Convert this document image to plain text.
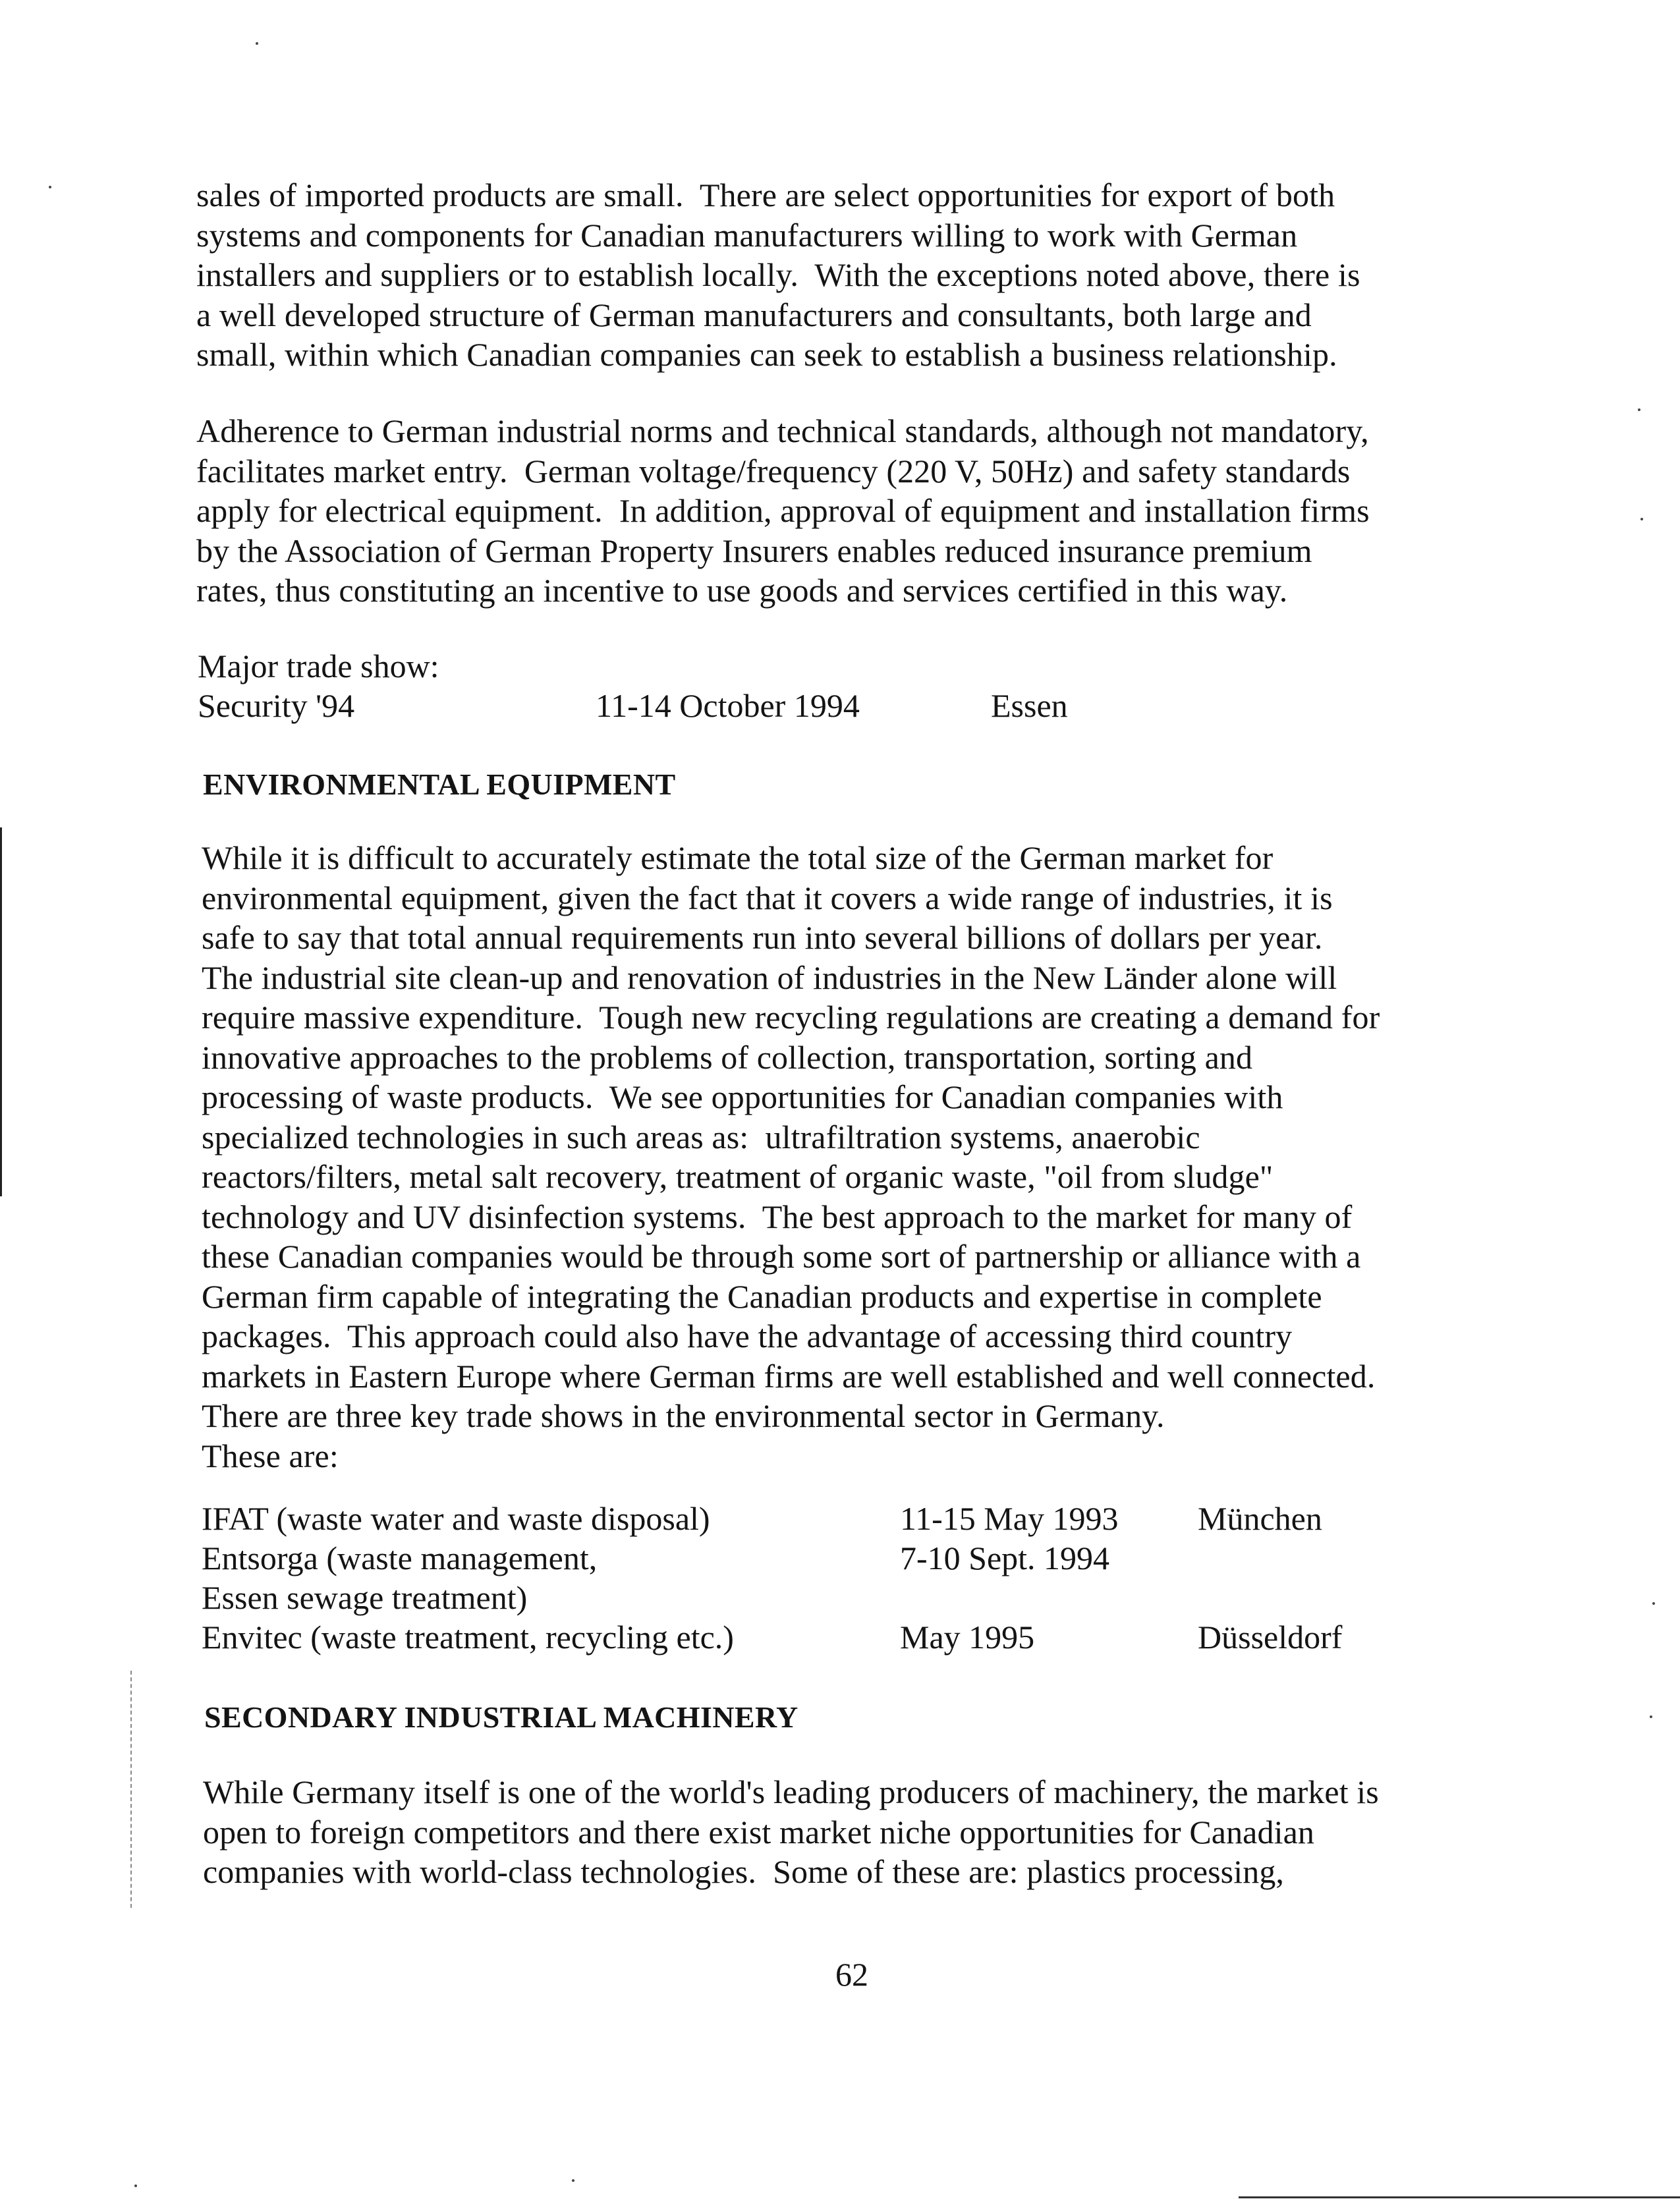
sales of imported products are small.  There are select opportunities for export of both
systems and components for Canadian manufacturers willing to work with German
installers and suppliers or to establish locally.  With the exceptions noted above, there is
a well developed structure of German manufacturers and consultants, both large and
small, within which Canadian companies can seek to establish a business relationship.
Adherence to German industrial norms and technical standards, although not mandatory,
facilitates market entry.  German voltage/frequency (220 V, 50Hz) and safety standards
apply for electrical equipment.  In addition, approval of equipment and installation firms
by the Association of German Property Insurers enables reduced insurance premium
rates, thus constituting an incentive to use goods and services certified in this way.

Major trade show:

Security '94	11-14 October 1994	Essen

ENVIRONMENTAL EQUIPMENT

While it is difficult to accurately estimate the total size of the German market for
environmental equipment, given the fact that it covers a wide range of industries, it is
safe to say that total annual requirements run into several billions of dollars per year.
The industrial site clean-up and renovation of industries in the New Länder alone will
require massive expenditure.  Tough new recycling regulations are creating a demand for
innovative approaches to the problems of collection, transportation, sorting and
processing of waste products.  We see opportunities for Canadian companies with
specialized technologies in such areas as:  ultrafiltration systems, anaerobic
reactors/filters, metal salt recovery, treatment of organic waste, "oil from sludge"
technology and UV disinfection systems.  The best approach to the market for many of
these Canadian companies would be through some sort of partnership or alliance with a
German firm capable of integrating the Canadian products and expertise in complete
packages.  This approach could also have the advantage of accessing third country
markets in Eastern Europe where German firms are well established and well connected.
There are three key trade shows in the environmental sector in Germany.
These are:

IFAT (waste water and waste disposal)	11-15 May 1993 München

Entsorga (waste management,	7-10 Sept. 1994

Essen sewage treatment)

Envitec (waste treatment, recycling etc.)	May 1995	Düsseldorf

SECONDARY INDUSTRIAL MACHINERY

While Germany itself is one of the world's leading producers of machinery, the market is
open to foreign competitors and there exist market niche opportunities for Canadian
companies with world-class technologies.  Some of these are: plastics processing,

62
